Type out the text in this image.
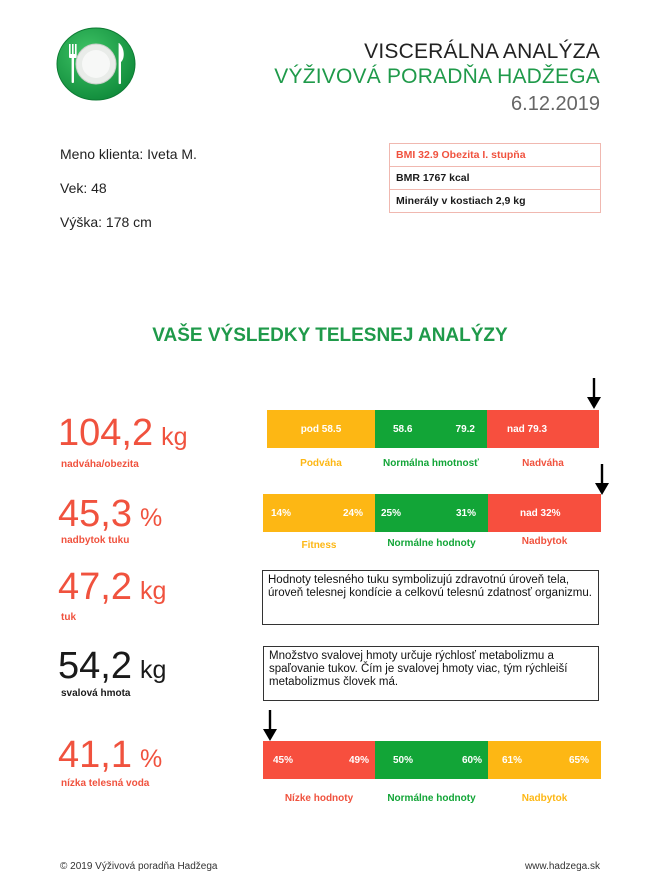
VISCERÁLNA ANALÝZA
VÝŽIVOVÁ PORADŇA HADŽEGA
6.12.2019
Meno klienta: Iveta M.
Vek: 48
Výška: 178 cm
BMI 32.9 Obezita I. stupňa
BMR 1767 kcal
Minerály v kostiach 2,9 kg
VAŠE VÝSLEDKY TELESNEJ ANALÝZY
104,2 kg
nadváha/obezita
pod 58.5	58.6	79.2	nad 79.3
Podváha	Normálna hmotnosť	Nadváha
45,3 %
nadbytok tuku
14%	24% 25%	31%	nad 32%
Fitness	Normálne hodnoty	Nadbytok
47,2 kg
tuk
Hodnoty telesného tuku symbolizujú zdravotnú úroveň tela, úroveň telesnej kondície a celkovú telesnú zdatnosť organizmu.
54,2 kg
svalová hmota
Množstvo svalovej hmoty určuje rýchlosť metabolizmu a spaľovanie tukov. Čím je svalovej hmoty viac, tým rýchleiší metabolizmus človek má.
41,1 %
nízka telesná voda
45%	49% 50%	60% 61%	65%
Nízke hodnoty	Normálne hodnoty	Nadbytok
© 2019 Výživová poradňa Hadžega	www.hadzega.sk
